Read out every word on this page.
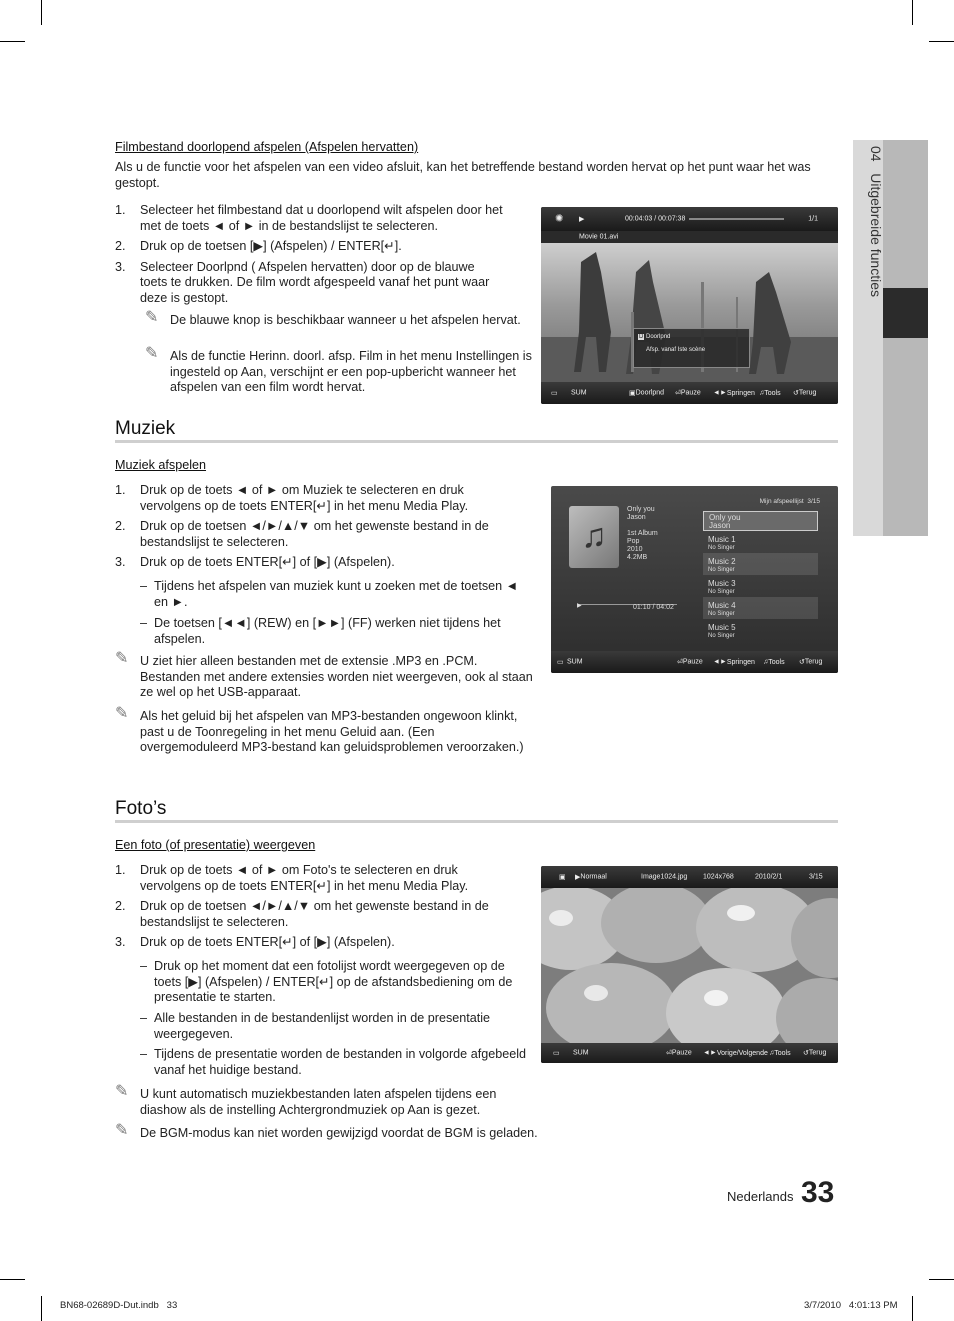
04   Uitgebreide functies
Filmbestand doorlopend afspelen (Afspelen hervatten)
Als u de functie voor het afspelen van een video afsluit, kan het betreffende bestand worden hervat op het punt waar het was gestopt.
1. Selecteer het filmbestand dat u doorlopend wilt afspelen door het met de toets ◄ of ► in de bestandslijst te selecteren.
2. Druk op de toetsen [▶] (Afspelen) / ENTER[↵].
3. Selecteer Doorlpnd ( Afspelen hervatten) door op de blauwe toets te drukken. De film wordt afgespeeld vanaf het punt waar deze is gestopt.
✎ De blauwe knop is beschikbaar wanneer u het afspelen hervat.
✎ Als de functie Herinn. doorl. afsp. Film in het menu Instellingen is ingesteld op Aan, verschijnt er een pop-upbericht wanneer het afspelen van een film wordt hervat.
✺ ▶	00:04:03 / 00:07:38	1/1
Movie 01.avi
D Doorlpnd
Afsp. vanaf Iste scène
▭ SUM	▣ Doorlpnd ⏎ Pauze ◄► Springen ♫ Tools ↺ Terug
Muziek
Muziek afspelen
1. Druk op de toets ◄ of ► om Muziek te selecteren en druk vervolgens op de toets ENTER[↵] in het menu Media Play.
2. Druk op de toetsen ◄/►/▲/▼ om het gewenste bestand in de bestandslijst te selecteren.
3. Druk op de toets ENTER[↵] of [▶] (Afspelen).
– Tijdens het afspelen van muziek kunt u zoeken met de toetsen ◄ en ►.
– De toetsen [◄◄] (REW) en [►►] (FF) werken niet tijdens het afspelen.
✎ U ziet hier alleen bestanden met de extensie .MP3 en .PCM. Bestanden met andere extensies worden niet weergeven, ook al staan ze wel op het USB-apparaat.
✎ Als het geluid bij het afspelen van MP3-bestanden ongewoon klinkt, past u de Toonregeling in het menu Geluid aan. (Een overgemoduleerd MP3-bestand kan geluidsproblemen veroorzaken.)
♫
Only you
Jason
1st Album
Pop
2010
4.2MB
▶	01:10 / 04:02
Mijn afspeellijst 3/15
Only you
Jason
Music 1
No Singer
Music 2
No Singer
Music 3
No Singer
Music 4
No Singer
Music 5
No Singer
▭ SUM	⏎ Pauze ◄► Springen ♫ Tools ↺ Terug
Foto’s
Een foto (of presentatie) weergeven
1. Druk op de toets ◄ of ► om Foto's te selecteren en druk vervolgens op de toets ENTER[↵] in het menu Media Play.
2. Druk op de toetsen ◄/►/▲/▼ om het gewenste bestand in de bestandslijst te selecteren.
3. Druk op de toets ENTER[↵] of [▶] (Afspelen).
– Druk op het moment dat een fotolijst wordt weergegeven op de toets [▶] (Afspelen) / ENTER[↵] op de afstandsbediening om de presentatie te starten.
– Alle bestanden in de bestandenlijst worden in de presentatie weergegeven.
– Tijdens de presentatie worden de bestanden in volgorde afgebeeld vanaf het huidige bestand.
✎ U kunt automatisch muziekbestanden laten afspelen tijdens een diashow als de instelling Achtergrondmuziek op Aan is gezet.
✎ De BGM-modus kan niet worden gewijzigd voordat de BGM is geladen.
▣ ▶ Normaal	Image1024.jpg 1024x768	2010/2/1	3/15
▭ SUM	⏎ Pauze ◄► Vorige/Volgende ♫ Tools ↺ Terug
Nederlands 33
BN68-02689D-Dut.indb   33	3/7/2010 4:01:13 PM
